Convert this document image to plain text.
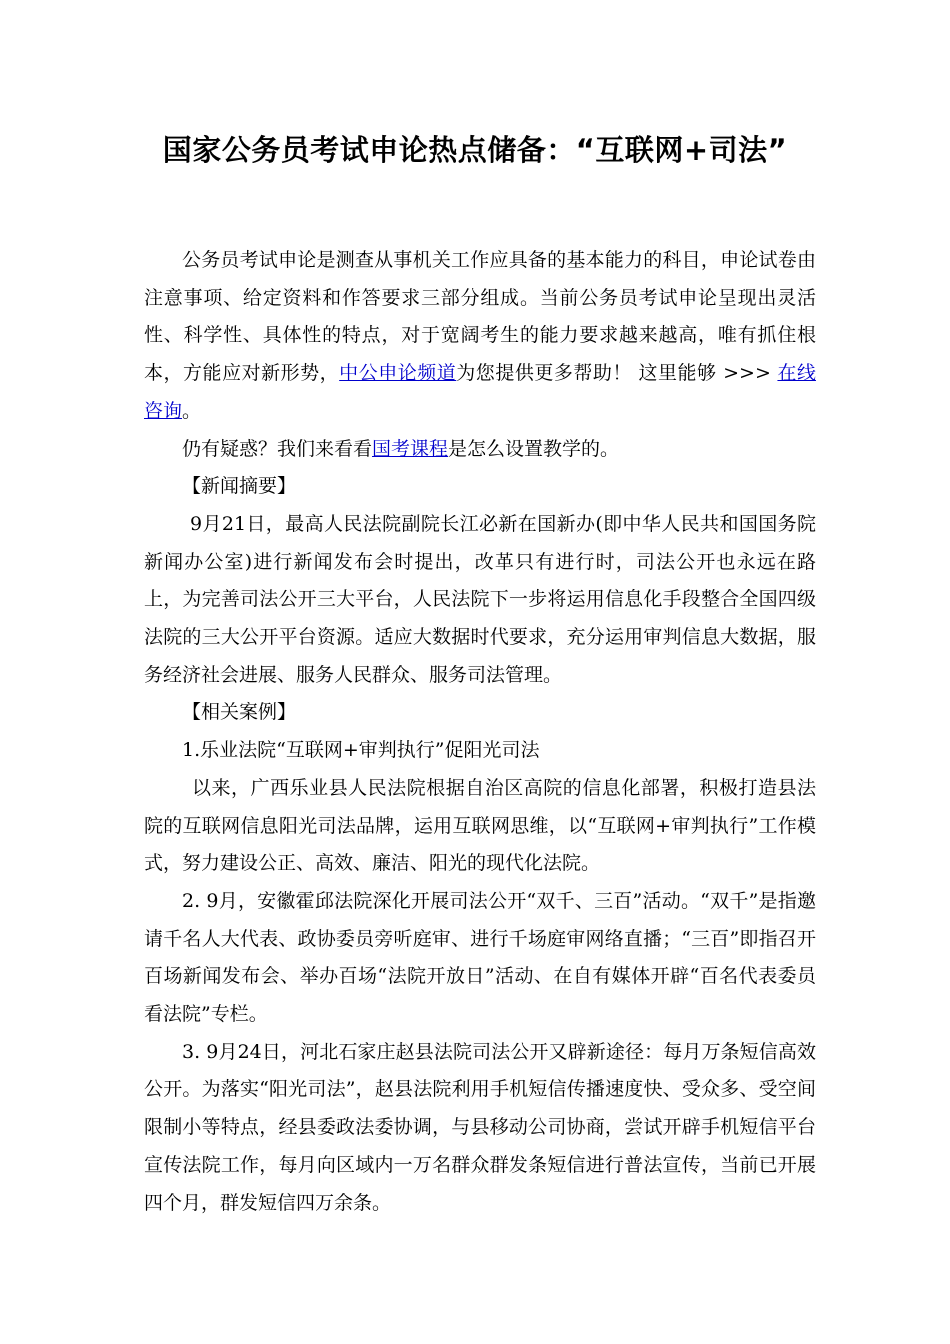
国家公务员考试申论热点储备：“互联网+司法”

公务员考试申论是测查从事机关工作应具备的基本能力的科目，申论试卷由注意事项、给定资料和作答要求三部分组成。当前公务员考试申论呈现出灵活性、科学性、具体性的特点，对于宽阔考生的能力要求越来越高，唯有抓住根本，方能应对新形势，中公申论频道为您提供更多帮助！ 这里能够 >>> 在线咨询。

仍有疑惑？我们来看看国考课程是怎么设置教学的。

【新闻摘要】

9月21日，最高人民法院副院长江必新在国新办(即中华人民共和国国务院新闻办公室)进行新闻发布会时提出，改革只有进行时，司法公开也永远在路上，为完善司法公开三大平台，人民法院下一步将运用信息化手段整合全国四级法院的三大公开平台资源。适应大数据时代要求，充分运用审判信息大数据，服务经济社会进展、服务人民群众、服务司法管理。

【相关案例】

1.乐业法院“互联网+审判执行”促阳光司法

以来，广西乐业县人民法院根据自治区高院的信息化部署，积极打造县法院的互联网信息阳光司法品牌，运用互联网思维，以“互联网+审判执行”工作模式，努力建设公正、高效、廉洁、阳光的现代化法院。

2. 9月，安徽霍邱法院深化开展司法公开“双千、三百”活动。“双千”是指邀请千名人大代表、政协委员旁听庭审、进行千场庭审网络直播；“三百”即指召开百场新闻发布会、举办百场“法院开放日”活动、在自有媒体开辟“百名代表委员看法院”专栏。

3. 9月24日，河北石家庄赵县法院司法公开又辟新途径：每月万条短信高效公开。为落实“阳光司法”，赵县法院利用手机短信传播速度快、受众多、受空间限制小等特点，经县委政法委协调，与县移动公司协商，尝试开辟手机短信平台宣传法院工作，每月向区域内一万名群众群发条短信进行普法宣传，当前已开展四个月，群发短信四万余条。
